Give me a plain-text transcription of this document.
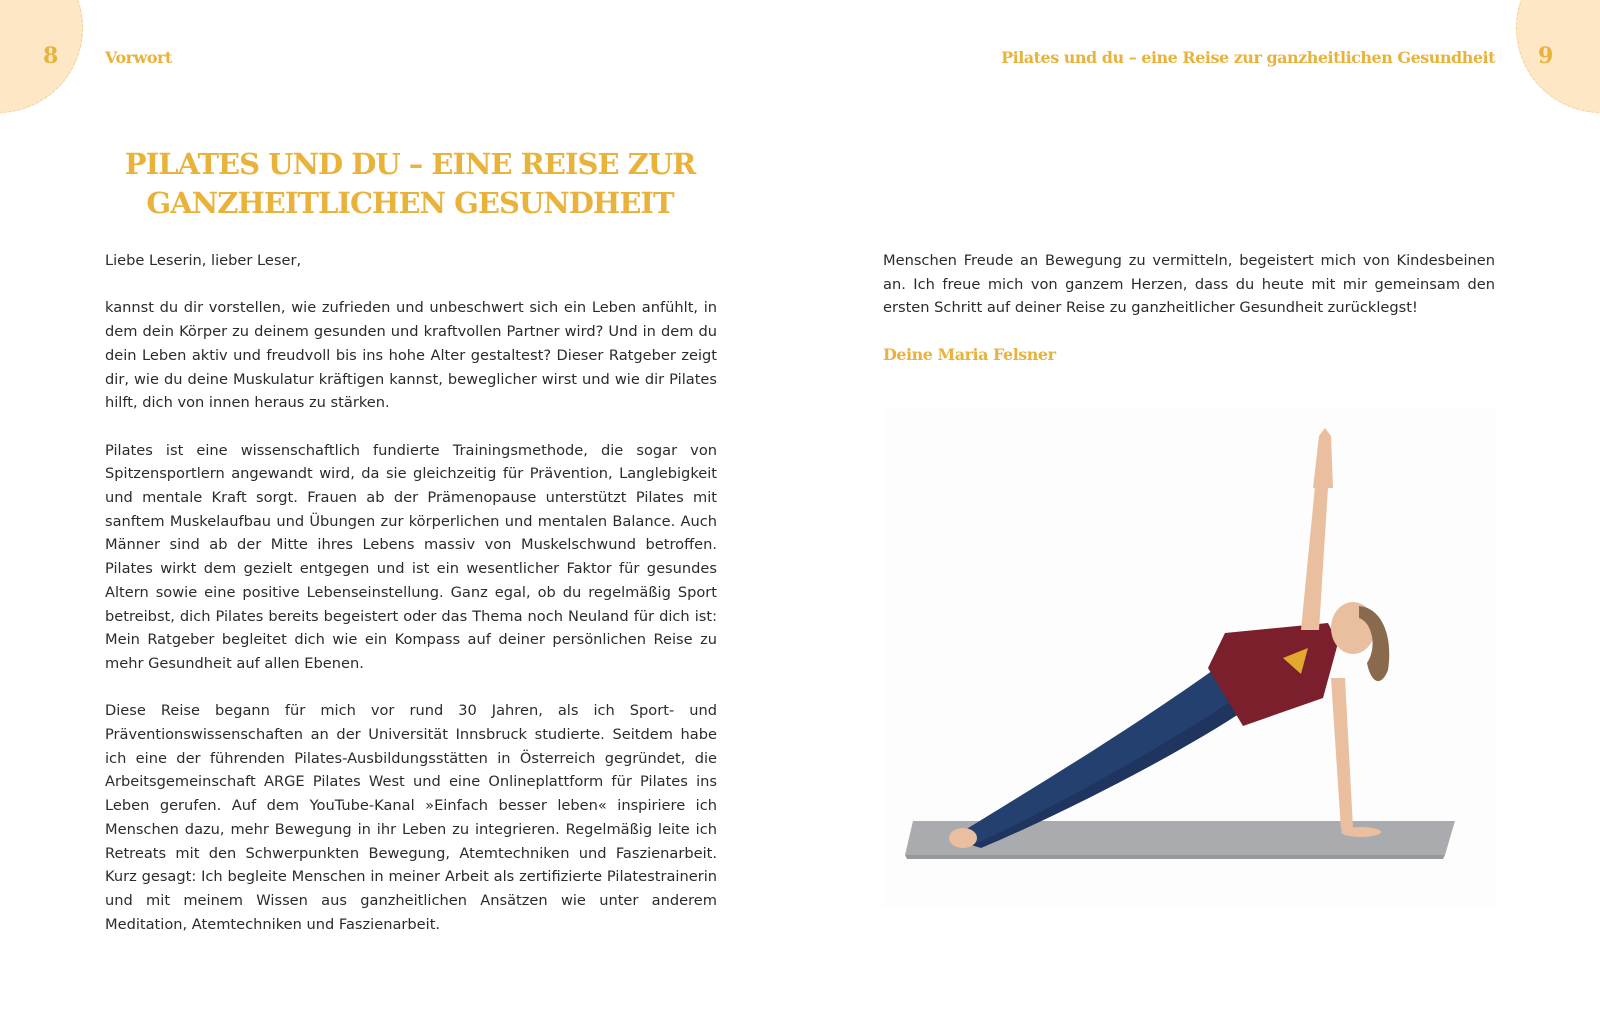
8	Vorwort
PILATES UND DU – EINE REISE ZUR
GANZHEITLICHEN GESUNDHEIT

Liebe Leserin, lieber Leser,

kannst du dir vorstellen, wie zufrieden und unbeschwert sich ein Leben anfühlt, in dem dein Körper zu deinem gesunden und kraftvollen Partner wird? Und in dem du dein Leben aktiv und freudvoll bis ins hohe Alter gestaltest? Dieser Ratgeber zeigt dir, wie du deine Muskulatur kräftigen kannst, beweglicher wirst und wie dir Pilates hilft, dich von innen heraus zu stärken.

Pilates ist eine wissenschaftlich fundierte Trainingsmethode, die sogar von Spitzensportlern angewandt wird, da sie gleichzeitig für Prävention, Langlebigkeit und mentale Kraft sorgt. Frauen ab der Prämenopause unterstützt Pilates mit sanftem Muskelaufbau und Übungen zur körperlichen und mentalen Balance. Auch Männer sind ab der Mitte ihres Lebens massiv von Muskelschwund betroffen. Pilates wirkt dem gezielt entgegen und ist ein wesentlicher Faktor für gesundes Altern sowie eine positive Lebenseinstellung. Ganz egal, ob du regelmäßig Sport betreibst, dich Pilates bereits begeistert oder das Thema noch Neuland für dich ist: Mein Ratgeber begleitet dich wie ein Kompass auf deiner persönlichen Reise zu mehr Gesundheit auf allen Ebenen.

Diese Reise begann für mich vor rund 30 Jahren, als ich Sport- und Präventionswissenschaften an der Universität Innsbruck studierte. Seitdem habe ich eine der führenden Pilates-Ausbildungsstätten in Österreich gegründet, die Arbeitsgemeinschaft ARGE Pilates West und eine Onlineplattform für Pilates ins Leben gerufen. Auf dem YouTube-Kanal »Einfach besser leben« inspiriere ich Menschen dazu, mehr Bewegung in ihr Leben zu integrieren. Regelmäßig leite ich Retreats mit den Schwerpunkten Bewegung, Atemtechniken und Faszienarbeit. Kurz gesagt: Ich begleite Menschen in meiner Arbeit als zertifizierte Pilatestrainerin und mit meinem Wissen aus ganzheitlichen Ansätzen wie unter anderem Meditation, Atemtechniken und Faszienarbeit.

9
Pilates und du – eine Reise zur ganzheitlichen Gesundheit

Menschen Freude an Bewegung zu vermitteln, begeistert mich von Kindesbeinen an. Ich freue mich von ganzem Herzen, dass du heute mit mir gemeinsam den ersten Schritt auf deiner Reise zu ganzheitlicher Gesundheit zurücklegst!

Deine Maria Felsner
